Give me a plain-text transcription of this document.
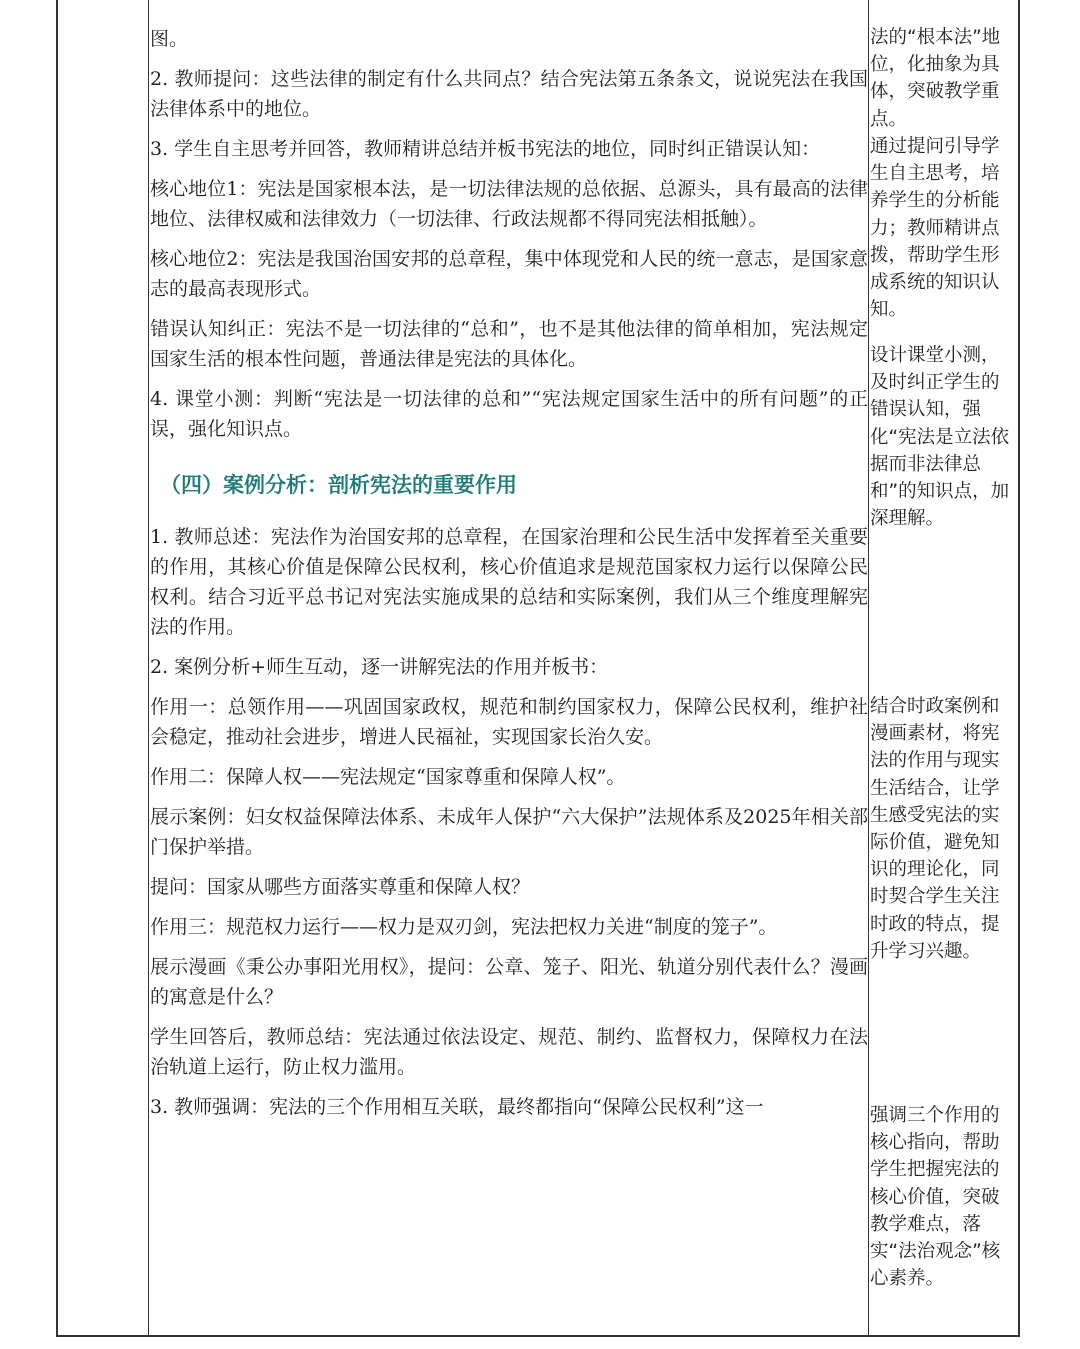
图。

2. 教师提问：这些法律的制定有什么共同点？结合宪法第五条条文，说说宪法在我国法律体系中的地位。

3. 学生自主思考并回答，教师精讲总结并板书宪法的地位，同时纠正错误认知：

核心地位1：宪法是国家根本法，是一切法律法规的总依据、总源头，具有最高的法律地位、法律权威和法律效力（一切法律、行政法规都不得同宪法相抵触）。

核心地位2：宪法是我国治国安邦的总章程，集中体现党和人民的统一意志，是国家意志的最高表现形式。

错误认知纠正：宪法不是一切法律的“总和”，也不是其他法律的简单相加，宪法规定国家生活的根本性问题，普通法律是宪法的具体化。

4. 课堂小测：判断“宪法是一切法律的总和”“宪法规定国家生活中的所有问题”的正误，强化知识点。

（四）案例分析：剖析宪法的重要作用

1. 教师总述：宪法作为治国安邦的总章程，在国家治理和公民生活中发挥着至关重要的作用，其核心价值是保障公民权利，核心价值追求是规范国家权力运行以保障公民权利。结合习近平总书记对宪法实施成果的总结和实际案例，我们从三个维度理解宪法的作用。

2. 案例分析+师生互动，逐一讲解宪法的作用并板书：

作用一：总领作用——巩固国家政权，规范和制约国家权力，保障公民权利，维护社会稳定，推动社会进步，增进人民福祉，实现国家长治久安。

作用二：保障人权——宪法规定“国家尊重和保障人权”。

展示案例：妇女权益保障法体系、未成年人保护“六大保护”法规体系及2025年相关部门保护举措。

提问：国家从哪些方面落实尊重和保障人权？

作用三：规范权力运行——权力是双刃剑，宪法把权力关进“制度的笼子”。

展示漫画《秉公办事阳光用权》，提问：公章、笼子、阳光、轨道分别代表什么？漫画的寓意是什么？

学生回答后，教师总结：宪法通过依法设定、规范、制约、监督权力，保障权力在法治轨道上运行，防止权力滥用。

3. 教师强调：宪法的三个作用相互关联，最终都指向“保障公民权利”这一

法的“根本法”地位，化抽象为具体，突破教学重点。

通过提问引导学生自主思考，培养学生的分析能力；教师精讲点拨，帮助学生形成系统的知识认知。

设计课堂小测，及时纠正学生的错误认知，强化“宪法是立法依据而非法律总和”的知识点，加深理解。

结合时政案例和漫画素材，将宪法的作用与现实生活结合，让学生感受宪法的实际价值，避免知识的理论化，同时契合学生关注时政的特点，提升学习兴趣。

强调三个作用的核心指向，帮助学生把握宪法的核心价值，突破教学难点，落实“法治观念”核心素养。
